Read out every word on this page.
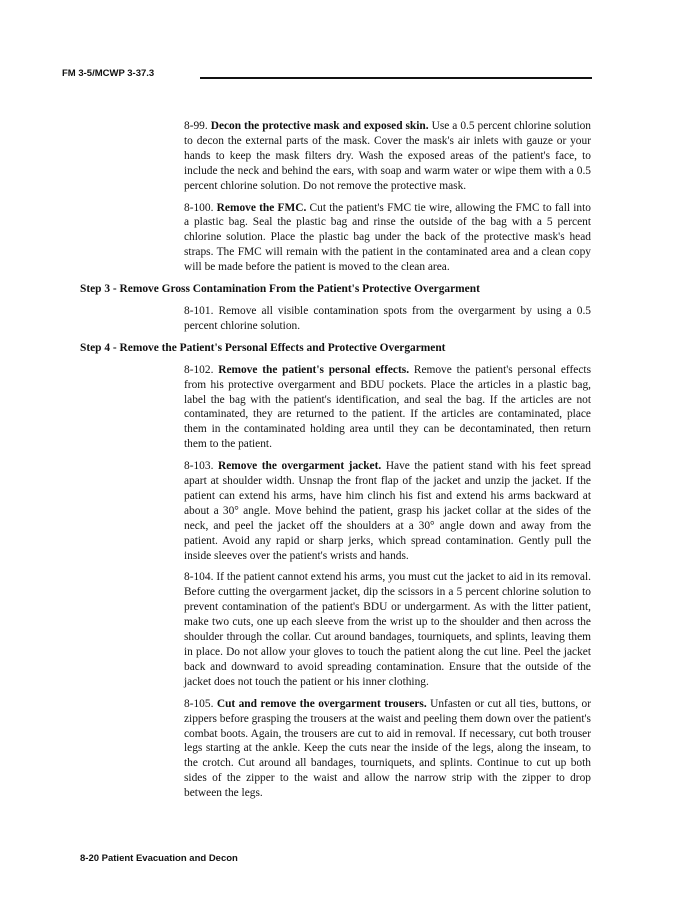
FM 3-5/MCWP 3-37.3

8-99. Decon the protective mask and exposed skin. Use a 0.5 percent chlorine solution to decon the external parts of the mask. Cover the mask's air inlets with gauze or your hands to keep the mask filters dry. Wash the exposed areas of the patient's face, to include the neck and behind the ears, with soap and warm water or wipe them with a 0.5 percent chlorine solution. Do not remove the protective mask.

8-100. Remove the FMC. Cut the patient's FMC tie wire, allowing the FMC to fall into a plastic bag. Seal the plastic bag and rinse the outside of the bag with a 5 percent chlorine solution. Place the plastic bag under the back of the protective mask's head straps. The FMC will remain with the patient in the contaminated area and a clean copy will be made before the patient is moved to the clean area.

Step 3 - Remove Gross Contamination From the Patient's Protective Overgarment

8-101. Remove all visible contamination spots from the overgarment by using a 0.5 percent chlorine solution.

Step 4 - Remove the Patient's Personal Effects and Protective Overgarment

8-102. Remove the patient's personal effects. Remove the patient's personal effects from his protective overgarment and BDU pockets. Place the articles in a plastic bag, label the bag with the patient's identification, and seal the bag. If the articles are not contaminated, they are returned to the patient. If the articles are contaminated, place them in the contaminated holding area until they can be decontaminated, then return them to the patient.

8-103. Remove the overgarment jacket. Have the patient stand with his feet spread apart at shoulder width. Unsnap the front flap of the jacket and unzip the jacket. If the patient can extend his arms, have him clinch his fist and extend his arms backward at about a 30° angle. Move behind the patient, grasp his jacket collar at the sides of the neck, and peel the jacket off the shoulders at a 30° angle down and away from the patient. Avoid any rapid or sharp jerks, which spread contamination. Gently pull the inside sleeves over the patient's wrists and hands.

8-104. If the patient cannot extend his arms, you must cut the jacket to aid in its removal. Before cutting the overgarment jacket, dip the scissors in a 5 percent chlorine solution to prevent contamination of the patient's BDU or undergarment. As with the litter patient, make two cuts, one up each sleeve from the wrist up to the shoulder and then across the shoulder through the collar. Cut around bandages, tourniquets, and splints, leaving them in place. Do not allow your gloves to touch the patient along the cut line. Peel the jacket back and downward to avoid spreading contamination. Ensure that the outside of the jacket does not touch the patient or his inner clothing.

8-105. Cut and remove the overgarment trousers. Unfasten or cut all ties, buttons, or zippers before grasping the trousers at the waist and peeling them down over the patient's combat boots. Again, the trousers are cut to aid in removal. If necessary, cut both trouser legs starting at the ankle. Keep the cuts near the inside of the legs, along the inseam, to the crotch. Cut around all bandages, tourniquets, and splints. Continue to cut up both sides of the zipper to the waist and allow the narrow strip with the zipper to drop between the legs.

8-20 Patient Evacuation and Decon
